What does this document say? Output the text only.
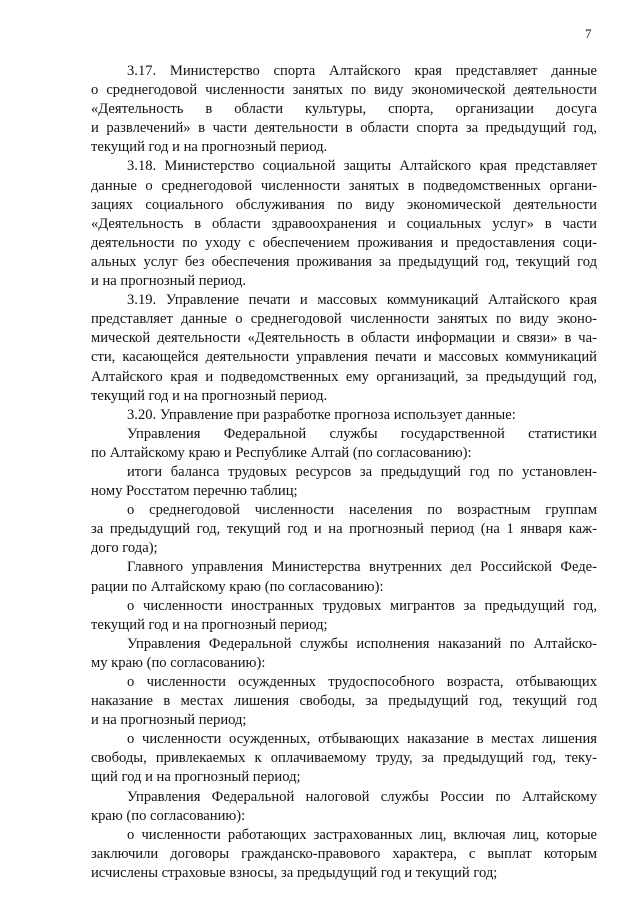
7

3.17. Министерство спорта Алтайского края представляет данные
о среднегодовой численности занятых по виду экономической деятельности
«Деятельность в области культуры, спорта, организации досуга
и развлечений» в части деятельности в области спорта за предыдущий год,
текущий год и на прогнозный период.

3.18. Министерство социальной защиты Алтайского края представляет
данные о среднегодовой численности занятых в подведомственных органи-
зациях социального обслуживания по виду экономической деятельности
«Деятельность в области здравоохранения и социальных услуг» в части
деятельности по уходу с обеспечением проживания и предоставления соци-
альных услуг без обеспечения проживания за предыдущий год, текущий год
и на прогнозный период.

3.19. Управление печати и массовых коммуникаций Алтайского края
представляет данные о среднегодовой численности занятых по виду эконо-
мической деятельности «Деятельность в области информации и связи» в ча-
сти, касающейся деятельности управления печати и массовых коммуникаций
Алтайского края и подведомственных ему организаций, за предыдущий год,
текущий год и на прогнозный период.

3.20. Управление при разработке прогноза использует данные:

Управления Федеральной службы государственной статистики
по Алтайскому краю и Республике Алтай (по согласованию):

итоги баланса трудовых ресурсов за предыдущий год по установлен-
ному Росстатом перечню таблиц;

о среднегодовой численности населения по возрастным группам
за предыдущий год, текущий год и на прогнозный период (на 1 января каж-
дого года);

Главного управления Министерства внутренних дел Российской Феде-
рации по Алтайскому краю (по согласованию):

о численности иностранных трудовых мигрантов за предыдущий год,
текущий год и на прогнозный период;

Управления Федеральной службы исполнения наказаний по Алтайско-
му краю (по согласованию):

о численности осужденных трудоспособного возраста, отбывающих
наказание в местах лишения свободы, за предыдущий год, текущий год
и на прогнозный период;

о численности осужденных, отбывающих наказание в местах лишения
свободы, привлекаемых к оплачиваемому труду, за предыдущий год, теку-
щий год и на прогнозный период;

Управления Федеральной налоговой службы России по Алтайскому
краю (по согласованию):

о численности работающих застрахованных лиц, включая лиц, которые
заключили договоры гражданско-правового характера, с выплат которым
исчислены страховые взносы, за предыдущий год и текущий год;
